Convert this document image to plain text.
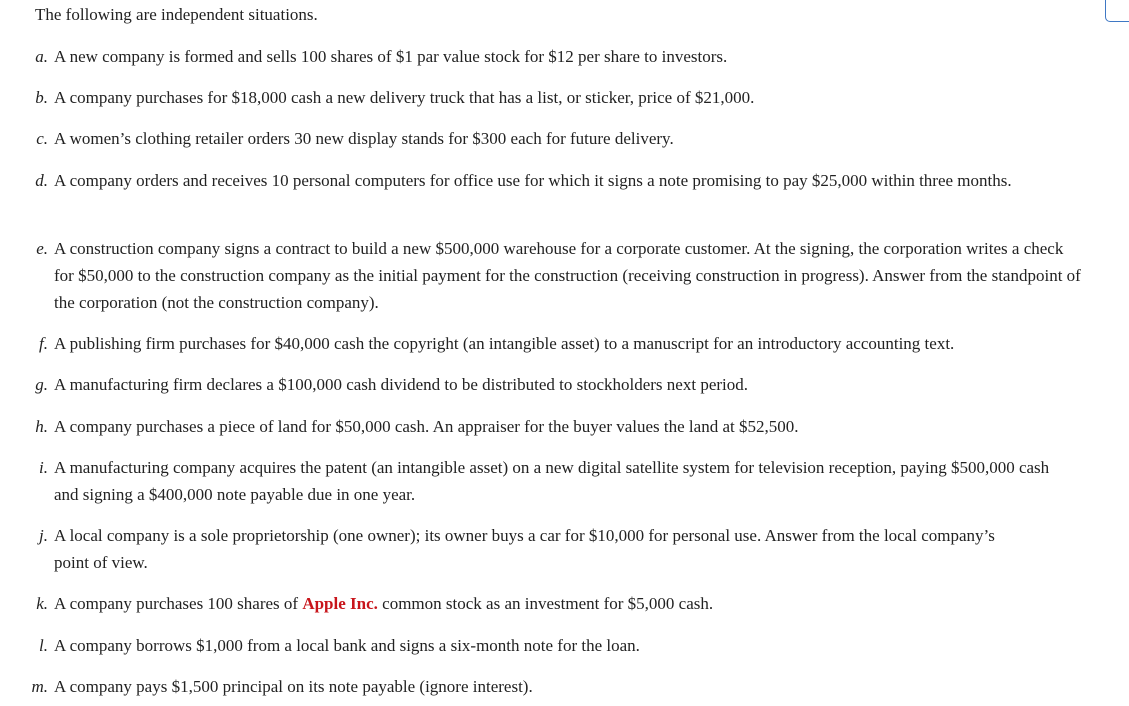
The following are independent situations.
a. A new company is formed and sells 100 shares of $1 par value stock for $12 per share to investors.
b. A company purchases for $18,000 cash a new delivery truck that has a list, or sticker, price of $21,000.
c. A women’s clothing retailer orders 30 new display stands for $300 each for future delivery.
d. A company orders and receives 10 personal computers for office use for which it signs a note promising to pay $25,000 within three months.
e. A construction company signs a contract to build a new $500,000 warehouse for a corporate customer. At the signing, the corporation writes a check for $50,000 to the construction company as the initial payment for the construction (receiving construction in progress). Answer from the standpoint of the corporation (not the construction company).
f. A publishing firm purchases for $40,000 cash the copyright (an intangible asset) to a manuscript for an introductory accounting text.
g. A manufacturing firm declares a $100,000 cash dividend to be distributed to stockholders next period.
h. A company purchases a piece of land for $50,000 cash. An appraiser for the buyer values the land at $52,500.
i. A manufacturing company acquires the patent (an intangible asset) on a new digital satellite system for television reception, paying $500,000 cash and signing a $400,000 note payable due in one year.
j. A local company is a sole proprietorship (one owner); its owner buys a car for $10,000 for personal use. Answer from the local company’s point of view.
k. A company purchases 100 shares of Apple Inc. common stock as an investment for $5,000 cash.
l. A company borrows $1,000 from a local bank and signs a six-month note for the loan.
m. A company pays $1,500 principal on its note payable (ignore interest).
